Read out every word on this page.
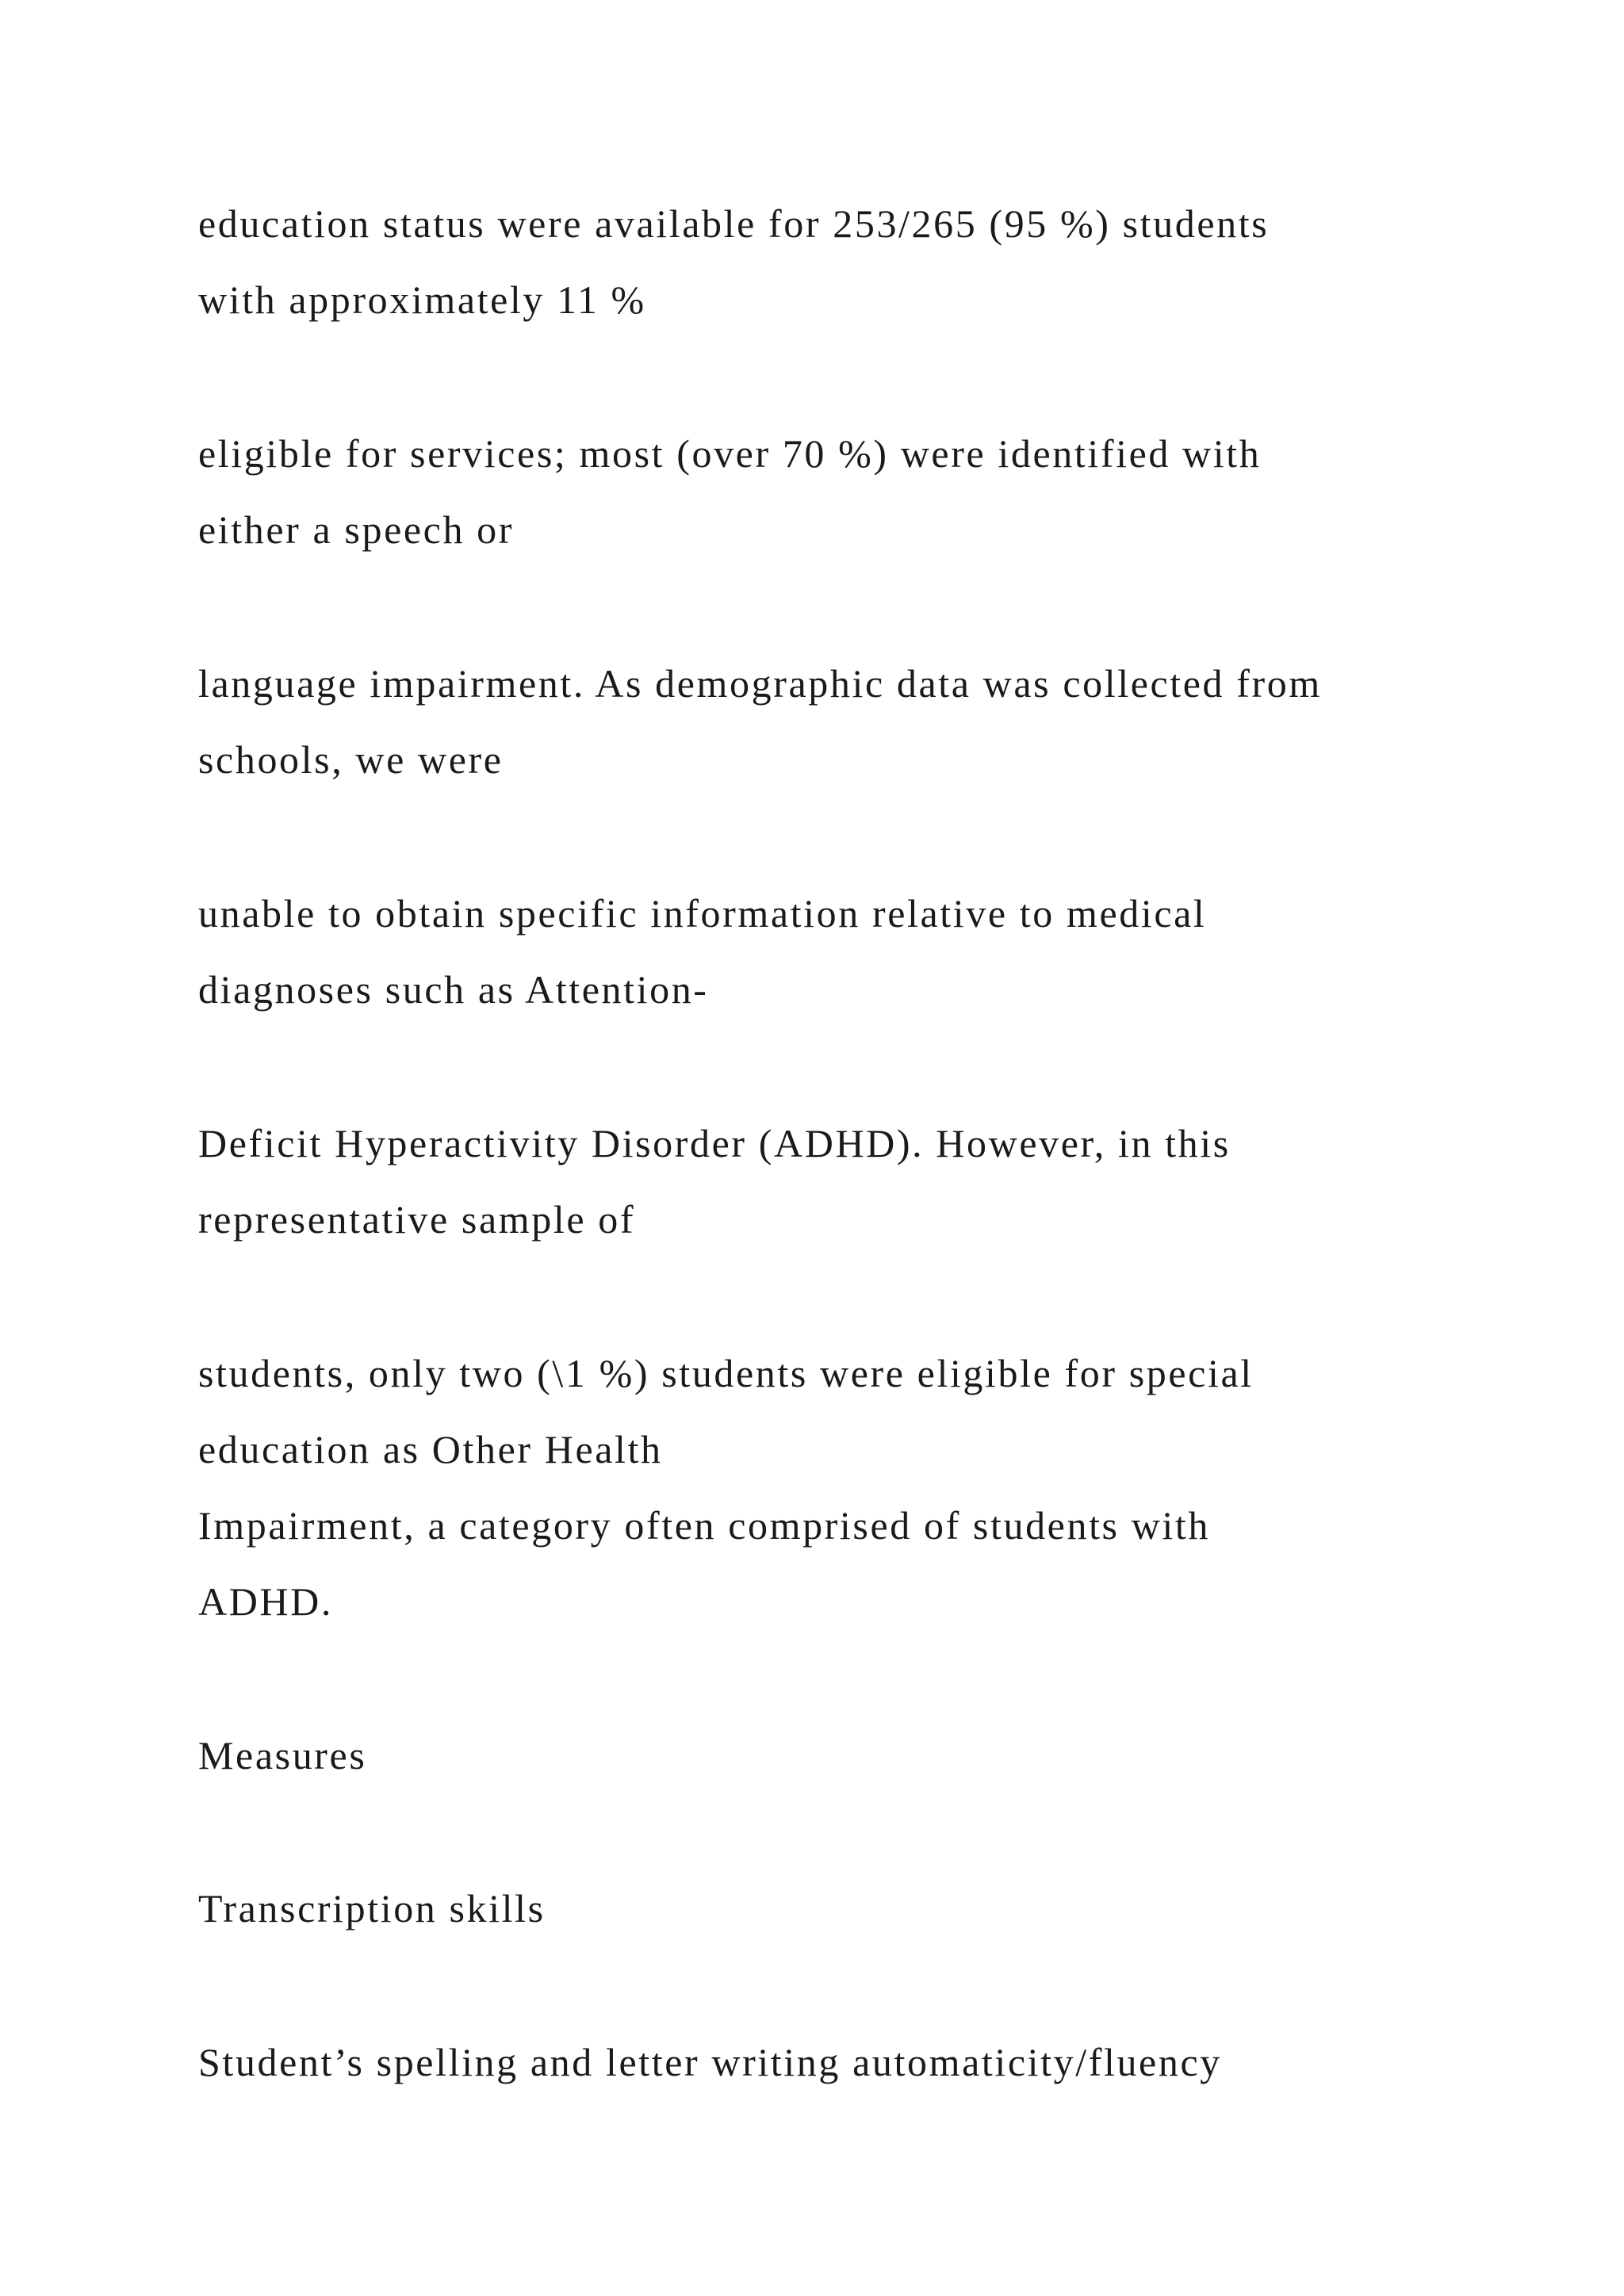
education status were available for 253/265 (95 %) students

with approximately 11 %

eligible for services; most (over 70 %) were identified with

either a speech or

language impairment. As demographic data was collected from

schools, we were

unable to obtain specific information relative to medical

diagnoses such as Attention-

Deficit Hyperactivity Disorder (ADHD). However, in this

representative sample of

students, only two (\1 %) students were eligible for special

education as Other Health

Impairment, a category often comprised of students with

ADHD.

Measures

Transcription skills

Student’s spelling and letter writing automaticity/fluency
